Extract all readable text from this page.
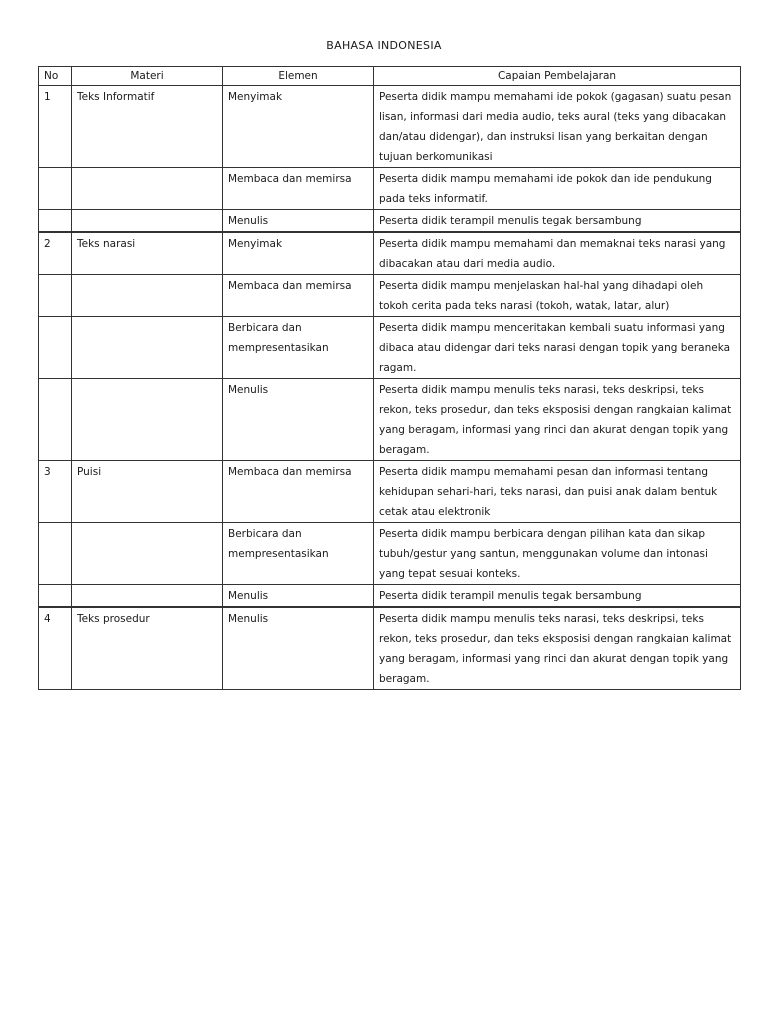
BAHASA INDONESIA
No	Materi	Elemen	Capaian Pembelajaran
1	Teks Informatif	Menyimak	Peserta didik mampu memahami ide pokok (gagasan) suatu pesan lisan, informasi dari media audio, teks aural (teks yang dibacakan dan/atau didengar), dan instruksi lisan yang berkaitan dengan tujuan berkomunikasi
		Membaca dan memirsa	Peserta didik mampu memahami ide pokok dan ide pendukung pada teks informatif.
		Menulis	Peserta didik terampil menulis tegak bersambung
2	Teks narasi	Menyimak	Peserta didik mampu memahami dan memaknai teks narasi yang dibacakan atau dari media audio.
		Membaca dan memirsa	Peserta didik mampu menjelaskan hal-hal yang dihadapi oleh tokoh cerita pada teks narasi (tokoh, watak, latar, alur)
		Berbicara dan mempresentasikan	Peserta didik mampu menceritakan kembali suatu informasi yang dibaca atau didengar dari teks narasi dengan topik yang beraneka ragam.
		Menulis	Peserta didik mampu menulis teks narasi, teks deskripsi, teks rekon, teks prosedur, dan teks eksposisi dengan rangkaian kalimat yang beragam, informasi yang rinci dan akurat dengan topik yang beragam.
3	Puisi	Membaca dan memirsa	Peserta didik mampu memahami pesan dan informasi tentang kehidupan sehari-hari, teks narasi, dan puisi anak dalam bentuk cetak atau elektronik
		Berbicara dan mempresentasikan	Peserta didik mampu berbicara dengan pilihan kata dan sikap tubuh/gestur yang santun, menggunakan volume dan intonasi yang tepat sesuai konteks.
		Menulis	Peserta didik terampil menulis tegak bersambung
4	Teks prosedur	Menulis	Peserta didik mampu menulis teks narasi, teks deskripsi, teks rekon, teks prosedur, dan teks eksposisi dengan rangkaian kalimat yang beragam, informasi yang rinci dan akurat dengan topik yang beragam.
